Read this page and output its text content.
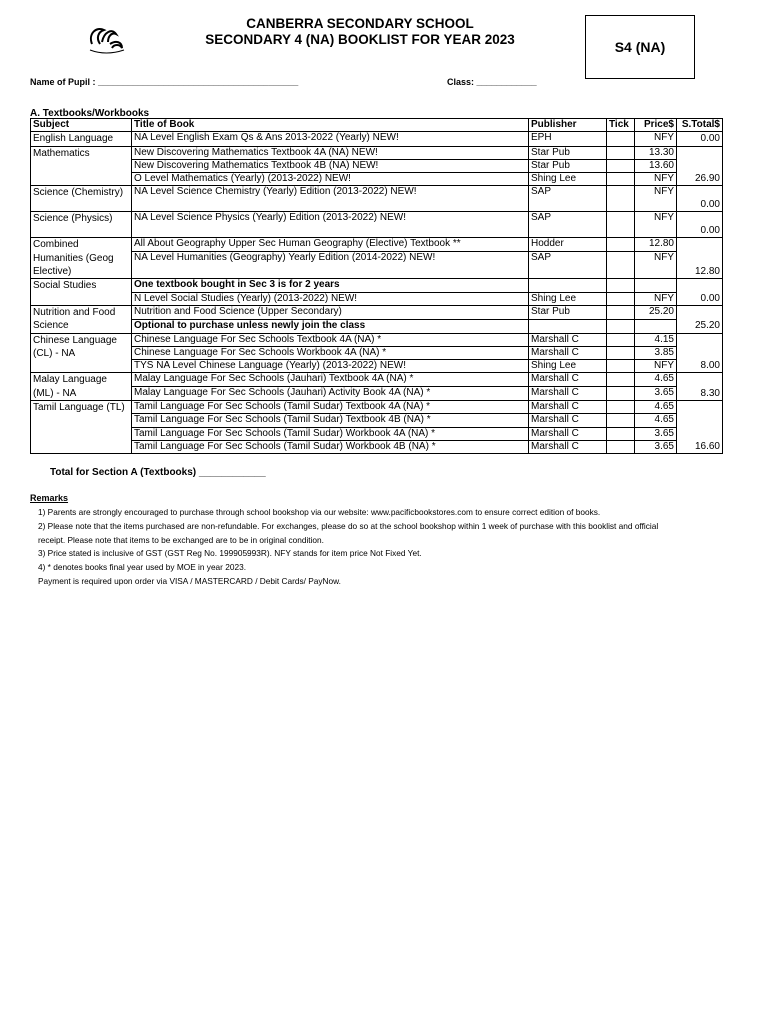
CANBERRA SECONDARY SCHOOL
SECONDARY 4 (NA) BOOKLIST FOR YEAR 2023	S4 (NA)
Name of Pupil : ________________________________________	Class: ____________
A. Textbooks/Workbooks
Subject	Title of Book	Publisher	Tick	Price$	S.Total$
English Language	NA Level English Exam Qs & Ans 2013-2022 (Yearly) NEW!	EPH		NFY	0.00
Mathematics	New Discovering Mathematics Textbook 4A (NA) NEW!	Star Pub		13.30	26.90
	New Discovering Mathematics Textbook 4B (NA) NEW!	Star Pub		13.60	
	O Level Mathematics (Yearly) (2013-2022) NEW!	Shing Lee		NFY	
Science (Chemistry)	NA Level Science Chemistry (Yearly) Edition (2013-2022) NEW!	SAP		NFY	0.00
Science (Physics)	NA Level Science Physics (Yearly) Edition (2013-2022) NEW!	SAP		NFY	0.00
Combined Humanities (Geog Elective)	All About Geography Upper Sec Human Geography (Elective) Textbook **	Hodder		12.80	12.80
	NA Level Humanities (Geography) Yearly Edition (2014-2022) NEW!	SAP		NFY	
Social Studies	One textbook bought in Sec 3 is for 2 years				0.00
	N Level Social Studies (Yearly) (2013-2022) NEW!	Shing Lee		NFY	
Nutrition and Food Science	Nutrition and Food Science (Upper Secondary)	Star Pub		25.20	25.20
	Optional to purchase unless newly join the class				
Chinese Language (CL) - NA	Chinese Language For Sec Schools Textbook 4A (NA) *	Marshall C		4.15	8.00
	Chinese Language For Sec Schools Workbook 4A (NA) *	Marshall C		3.85	
	TYS NA Level Chinese Language (Yearly) (2013-2022) NEW!	Shing Lee		NFY	
Malay Language (ML) - NA	Malay Language For Sec Schools (Jauhari) Textbook 4A (NA) *	Marshall C		4.65	8.30
	Malay Language For Sec Schools (Jauhari) Activity Book 4A (NA) *	Marshall C		3.65	
Tamil Language (TL)	Tamil Language For Sec Schools (Tamil Sudar) Textbook 4A (NA) *	Marshall C		4.65	16.60
	Tamil Language For Sec Schools (Tamil Sudar) Textbook 4B (NA) *	Marshall C		4.65	
	Tamil Language For Sec Schools (Tamil Sudar) Workbook 4A (NA) *	Marshall C		3.65	
	Tamil Language For Sec Schools (Tamil Sudar) Workbook 4B (NA) *	Marshall C		3.65	
Total for Section A (Textbooks) ____________
Remarks
1) Parents are strongly encouraged to purchase through school bookshop via our website: www.pacificbookstores.com to ensure correct edition of books.
2) Please note that the items purchased are non-refundable. For exchanges, please do so at the school bookshop within 1 week of purchase with this booklist and official
receipt. Please note that items to be exchanged are to be in original condition.
3) Price stated is inclusive of GST (GST Reg No. 199905993R). NFY stands for item price Not Fixed Yet.
4) * denotes books final year used by MOE in year 2023.
Payment is required upon order via VISA / MASTERCARD / Debit Cards/ PayNow.
